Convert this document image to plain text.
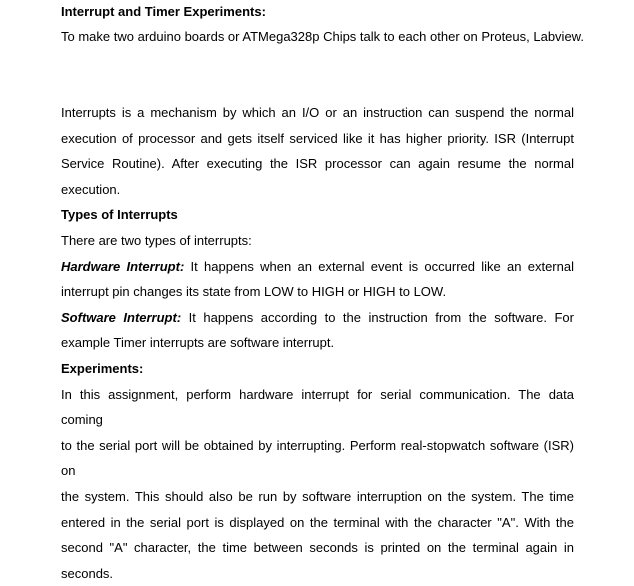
Interrupt and Timer Experiments:

To make two arduino boards or ATMega328p Chips talk to each other on Proteus, Labview.

Interrupts is a mechanism by which an I/O or an instruction can suspend the normal

execution of processor and gets itself serviced like it has higher priority. ISR (Interrupt

Service Routine). After executing the ISR processor can again resume the normal

execution.

Types of Interrupts

There are two types of interrupts:

Hardware Interrupt: It happens when an external event is occurred like an external

interrupt pin changes its state from LOW to HIGH or HIGH to LOW.

Software Interrupt: It happens according to the instruction from the software. For

example Timer interrupts are software interrupt.

Experiments:

In this assignment, perform hardware interrupt for serial communication. The data coming

to the serial port will be obtained by interrupting. Perform real-stopwatch software (ISR) on

the system. This should also be run by software interruption on the system. The time

entered in the serial port is displayed on the terminal with the character "A". With the

second "A" character, the time between seconds is printed on the terminal again in

seconds.
